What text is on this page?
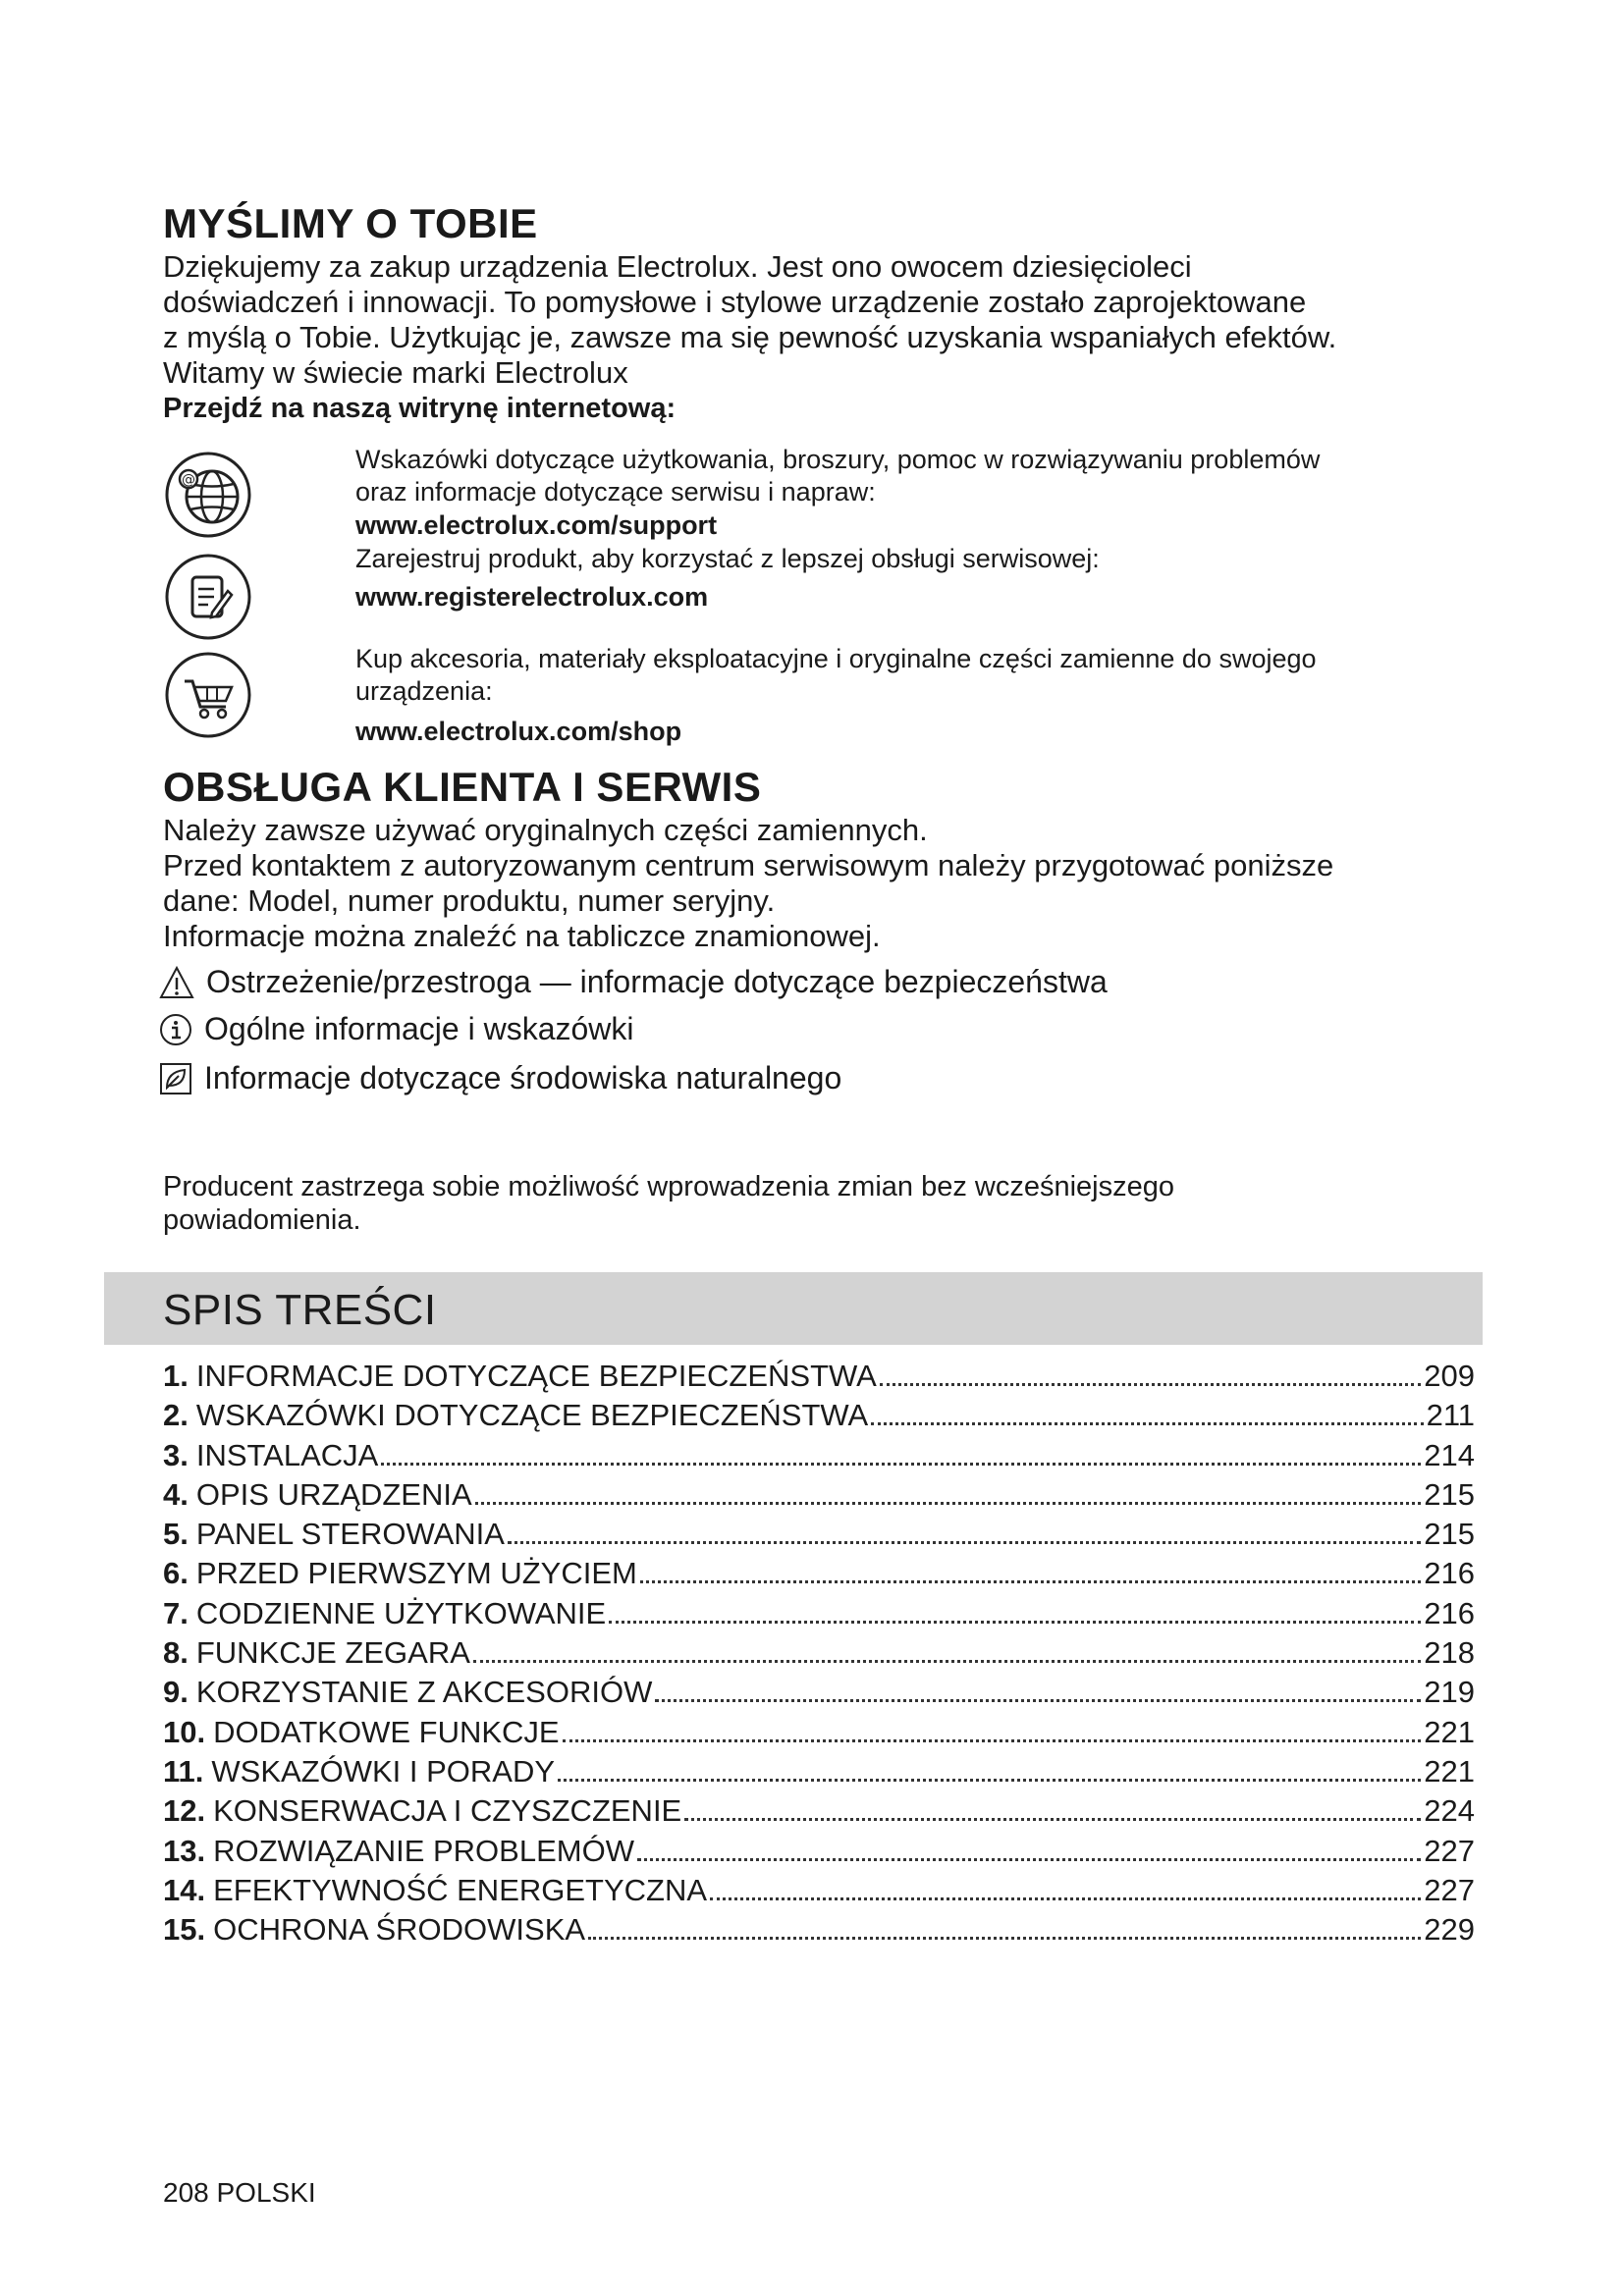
MYŚLIMY O TOBIE

Dziękujemy za zakup urządzenia Electrolux. Jest ono owocem dziesięcioleci
doświadczeń i innowacji. To pomysłowe i stylowe urządzenie zostało zaprojektowane
z myślą o Tobie. Użytkując je, zawsze ma się pewność uzyskania wspaniałych efektów.
Witamy w świecie marki Electrolux

Przejdź na naszą witrynę internetową:

@
Wskazówki dotyczące użytkowania, broszury, pomoc w rozwiązywaniu problemów
oraz informacje dotyczące serwisu i napraw:
www.electrolux.com/support
Zarejestruj produkt, aby korzystać z lepszej obsługi serwisowej:
www.registerelectrolux.com
Kup akcesoria, materiały eksploatacyjne i oryginalne części zamienne do swojego
urządzenia:
www.electrolux.com/shop
OBSŁUGA KLIENTA I SERWIS

Należy zawsze używać oryginalnych części zamiennych.
Przed kontaktem z autoryzowanym centrum serwisowym należy przygotować poniższe
dane: Model, numer produktu, numer seryjny.
Informacje można znaleźć na tabliczce znamionowej.

Ostrzeżenie/przestroga — informacje dotyczące bezpieczeństwa
Ogólne informacje i wskazówki
Informacje dotyczące środowiska naturalnego

Producent zastrzega sobie możliwość wprowadzenia zmian bez wcześniejszego
powiadomienia.

SPIS TREŚCI
1. INFORMACJE DOTYCZĄCE BEZPIECZEŃSTWA	209
2. WSKAZÓWKI DOTYCZĄCE BEZPIECZEŃSTWA	211
3. INSTALACJA	214
4. OPIS URZĄDZENIA	215
5. PANEL STEROWANIA	215
6. PRZED PIERWSZYM UŻYCIEM	216
7. CODZIENNE UŻYTKOWANIE	216
8. FUNKCJE ZEGARA	218
9. KORZYSTANIE Z AKCESORIÓW	219
10. DODATKOWE FUNKCJE	221
11. WSKAZÓWKI I PORADY	221
12. KONSERWACJA I CZYSZCZENIE	224
13. ROZWIĄZANIE PROBLEMÓW	227
14. EFEKTYWNOŚĆ ENERGETYCZNA	227
15. OCHRONA ŚRODOWISKA	229
208 POLSKI
